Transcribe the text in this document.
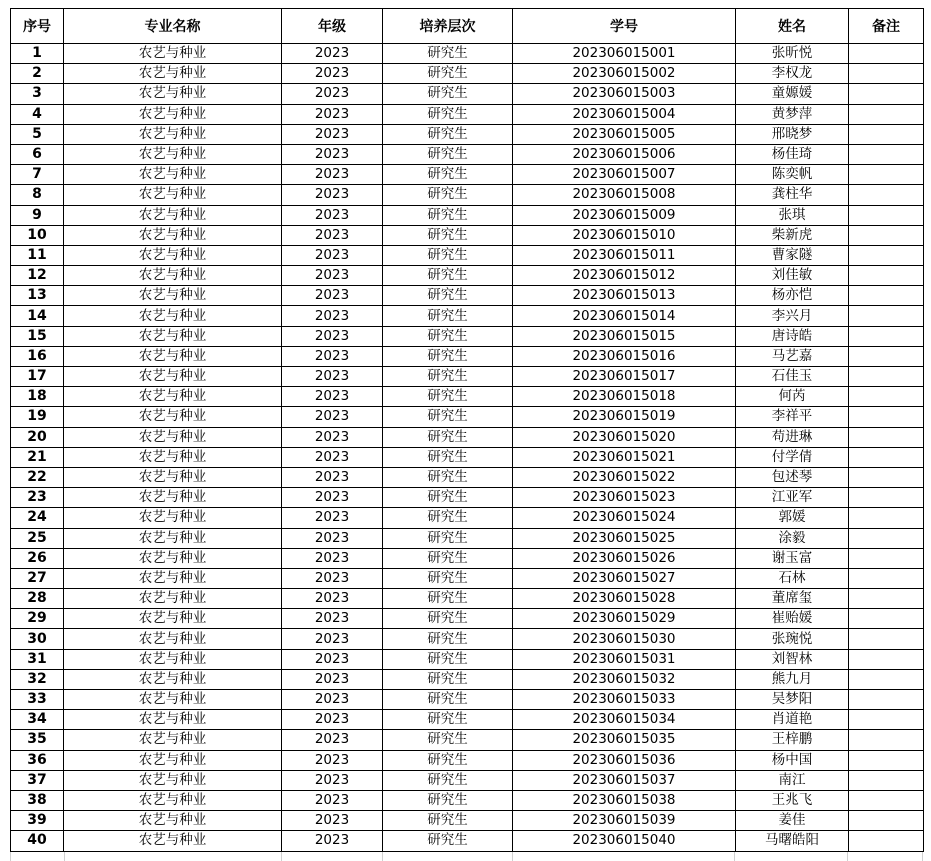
序号	专业名称	年级	培养层次	学号	姓名	备注
1	农艺与种业	2023	研究生	202306015001	张昕悦	
2	农艺与种业	2023	研究生	202306015002	李权龙	
3	农艺与种业	2023	研究生	202306015003	童嫄媛	
4	农艺与种业	2023	研究生	202306015004	黄梦萍	
5	农艺与种业	2023	研究生	202306015005	邢晓梦	
6	农艺与种业	2023	研究生	202306015006	杨佳琦	
7	农艺与种业	2023	研究生	202306015007	陈奕帆	
8	农艺与种业	2023	研究生	202306015008	龚柱华	
9	农艺与种业	2023	研究生	202306015009	张琪	
10	农艺与种业	2023	研究生	202306015010	柴新虎	
11	农艺与种业	2023	研究生	202306015011	曹家隧	
12	农艺与种业	2023	研究生	202306015012	刘佳敏	
13	农艺与种业	2023	研究生	202306015013	杨亦恺	
14	农艺与种业	2023	研究生	202306015014	李兴月	
15	农艺与种业	2023	研究生	202306015015	唐诗皓	
16	农艺与种业	2023	研究生	202306015016	马艺嘉	
17	农艺与种业	2023	研究生	202306015017	石佳玉	
18	农艺与种业	2023	研究生	202306015018	何芮	
19	农艺与种业	2023	研究生	202306015019	李祥平	
20	农艺与种业	2023	研究生	202306015020	苟进琳	
21	农艺与种业	2023	研究生	202306015021	付学倩	
22	农艺与种业	2023	研究生	202306015022	包述琴	
23	农艺与种业	2023	研究生	202306015023	江亚军	
24	农艺与种业	2023	研究生	202306015024	郭媛	
25	农艺与种业	2023	研究生	202306015025	涂毅	
26	农艺与种业	2023	研究生	202306015026	谢玉富	
27	农艺与种业	2023	研究生	202306015027	石林	
28	农艺与种业	2023	研究生	202306015028	董席玺	
29	农艺与种业	2023	研究生	202306015029	崔贻媛	
30	农艺与种业	2023	研究生	202306015030	张琬悦	
31	农艺与种业	2023	研究生	202306015031	刘智林	
32	农艺与种业	2023	研究生	202306015032	熊九月	
33	农艺与种业	2023	研究生	202306015033	吴梦阳	
34	农艺与种业	2023	研究生	202306015034	肖道艳	
35	农艺与种业	2023	研究生	202306015035	王梓鹏	
36	农艺与种业	2023	研究生	202306015036	杨中国	
37	农艺与种业	2023	研究生	202306015037	南江	
38	农艺与种业	2023	研究生	202306015038	王兆飞	
39	农艺与种业	2023	研究生	202306015039	姜佳	
40	农艺与种业	2023	研究生	202306015040	马曙皓阳	
